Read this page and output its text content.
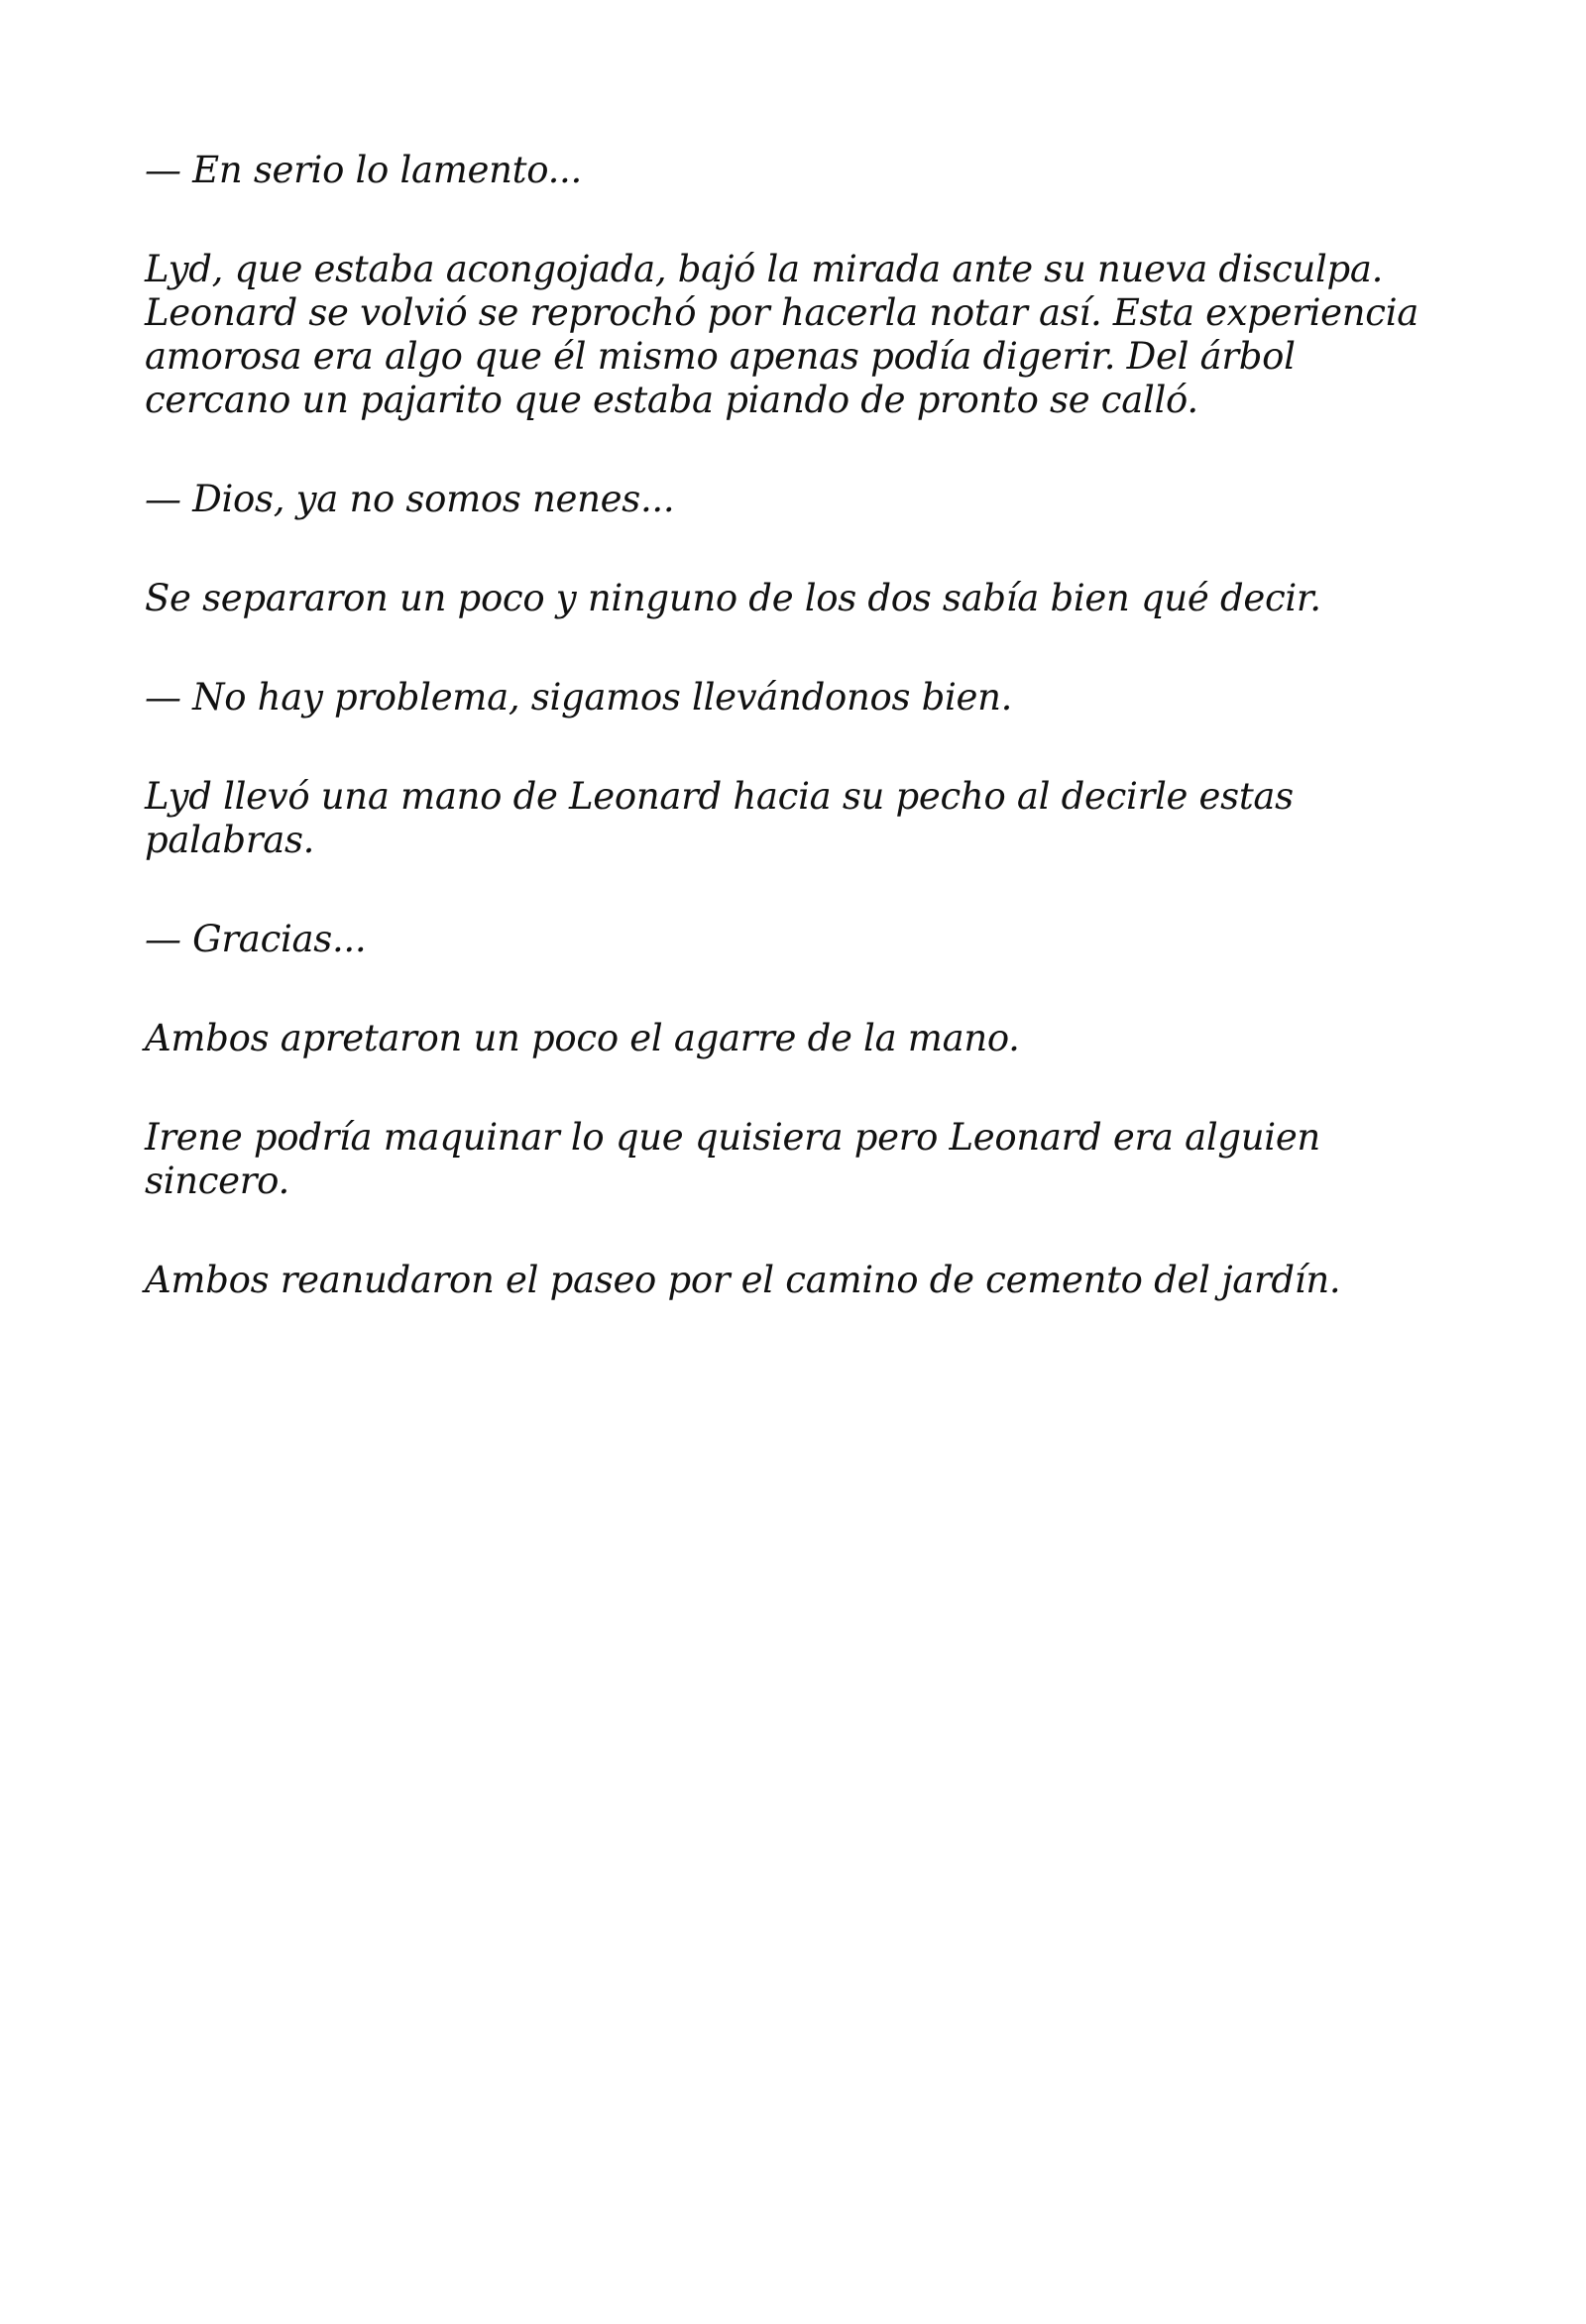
— En serio lo lamento...

Lyd, que estaba acongojada, bajó la mirada ante su nueva disculpa. Leonard se volvió se reprochó por hacerla notar así. Esta experiencia amorosa era algo que él mismo apenas podía digerir. Del árbol cercano un pajarito que estaba piando de pronto se calló.

— Dios, ya no somos nenes...

Se separaron un poco y ninguno de los dos sabía bien qué decir.

— No hay problema, sigamos llevándonos bien.

Lyd llevó una mano de Leonard hacia su pecho al decirle estas palabras.

— Gracias...

Ambos apretaron un poco el agarre de la mano.

Irene podría maquinar lo que quisiera pero Leonard era alguien sincero.

Ambos reanudaron el paseo por el camino de cemento del jardín.
